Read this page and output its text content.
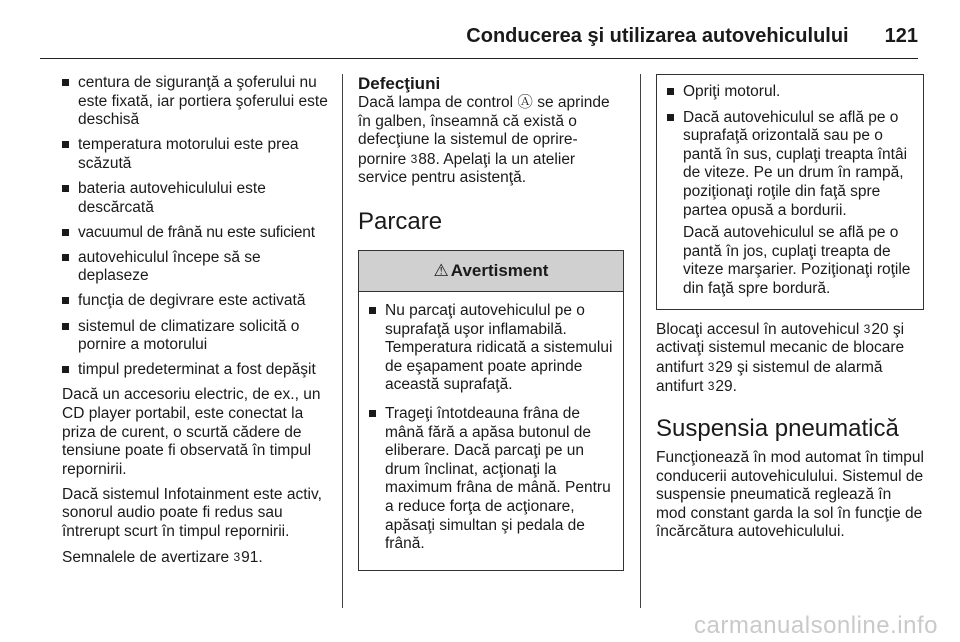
Conducerea şi utilizarea autovehiculului 121
centura de siguranţă a şoferului nu este fixată, iar portiera şoferului este deschisă
temperatura motorului este prea scăzută
bateria autovehiculului este descărcată
vacuumul de frână nu este suficient
autovehiculul începe să se deplaseze
funcţia de degivrare este activată
sistemul de climatizare solicită o pornire a motorului
timpul predeterminat a fost depăşit

Dacă un accesoriu electric, de ex., un CD player portabil, este conectat la priza de curent, o scurtă cădere de tensiune poate fi observată în timpul repornirii.

Dacă sistemul Infotainment este activ, sonorul audio poate fi redus sau întrerupt scurt în timpul repornirii.

Semnalele de avertizare 391.

Defecţiuni

Dacă lampa de control Ⓐ se aprinde în galben, înseamnă că există o defecţiune la sistemul de oprire-pornire 388. Apelaţi la un atelier service pentru asistenţă.

Parcare
⚠ Avertisment
Nu parcaţi autovehiculul pe o suprafaţă uşor inflamabilă. Temperatura ridicată a sistemului de eşapament poate aprinde această suprafaţă.
Trageţi întotdeauna frâna de mână fără a apăsa butonul de eliberare. Dacă parcaţi pe un drum înclinat, acţionaţi la maximum frâna de mână. Pentru a reduce forţa de acţionare, apăsaţi simultan şi pedala de frână.
Opriţi motorul.
Dacă autovehiculul se află pe o suprafaţă orizontală sau pe o pantă în sus, cuplaţi treapta întâi de viteze. Pe un drum în rampă, poziţionaţi roţile din faţă spre partea opusă a bordurii.

Dacă autovehiculul se află pe o pantă în jos, cuplaţi treapta de viteze marşarier. Poziţionaţi roţile din faţă spre bordură.

Blocaţi accesul în autovehicul 320 şi activaţi sistemul mecanic de blocare antifurt 329 şi sistemul de alarmă antifurt 329.

Suspensia pneumatică

Funcţionează în mod automat în timpul conducerii autovehiculului. Sistemul de suspensie pneumatică reglează în mod constant garda la sol în funcţie de încărcătura autovehiculului.

carmanualsonline.info
